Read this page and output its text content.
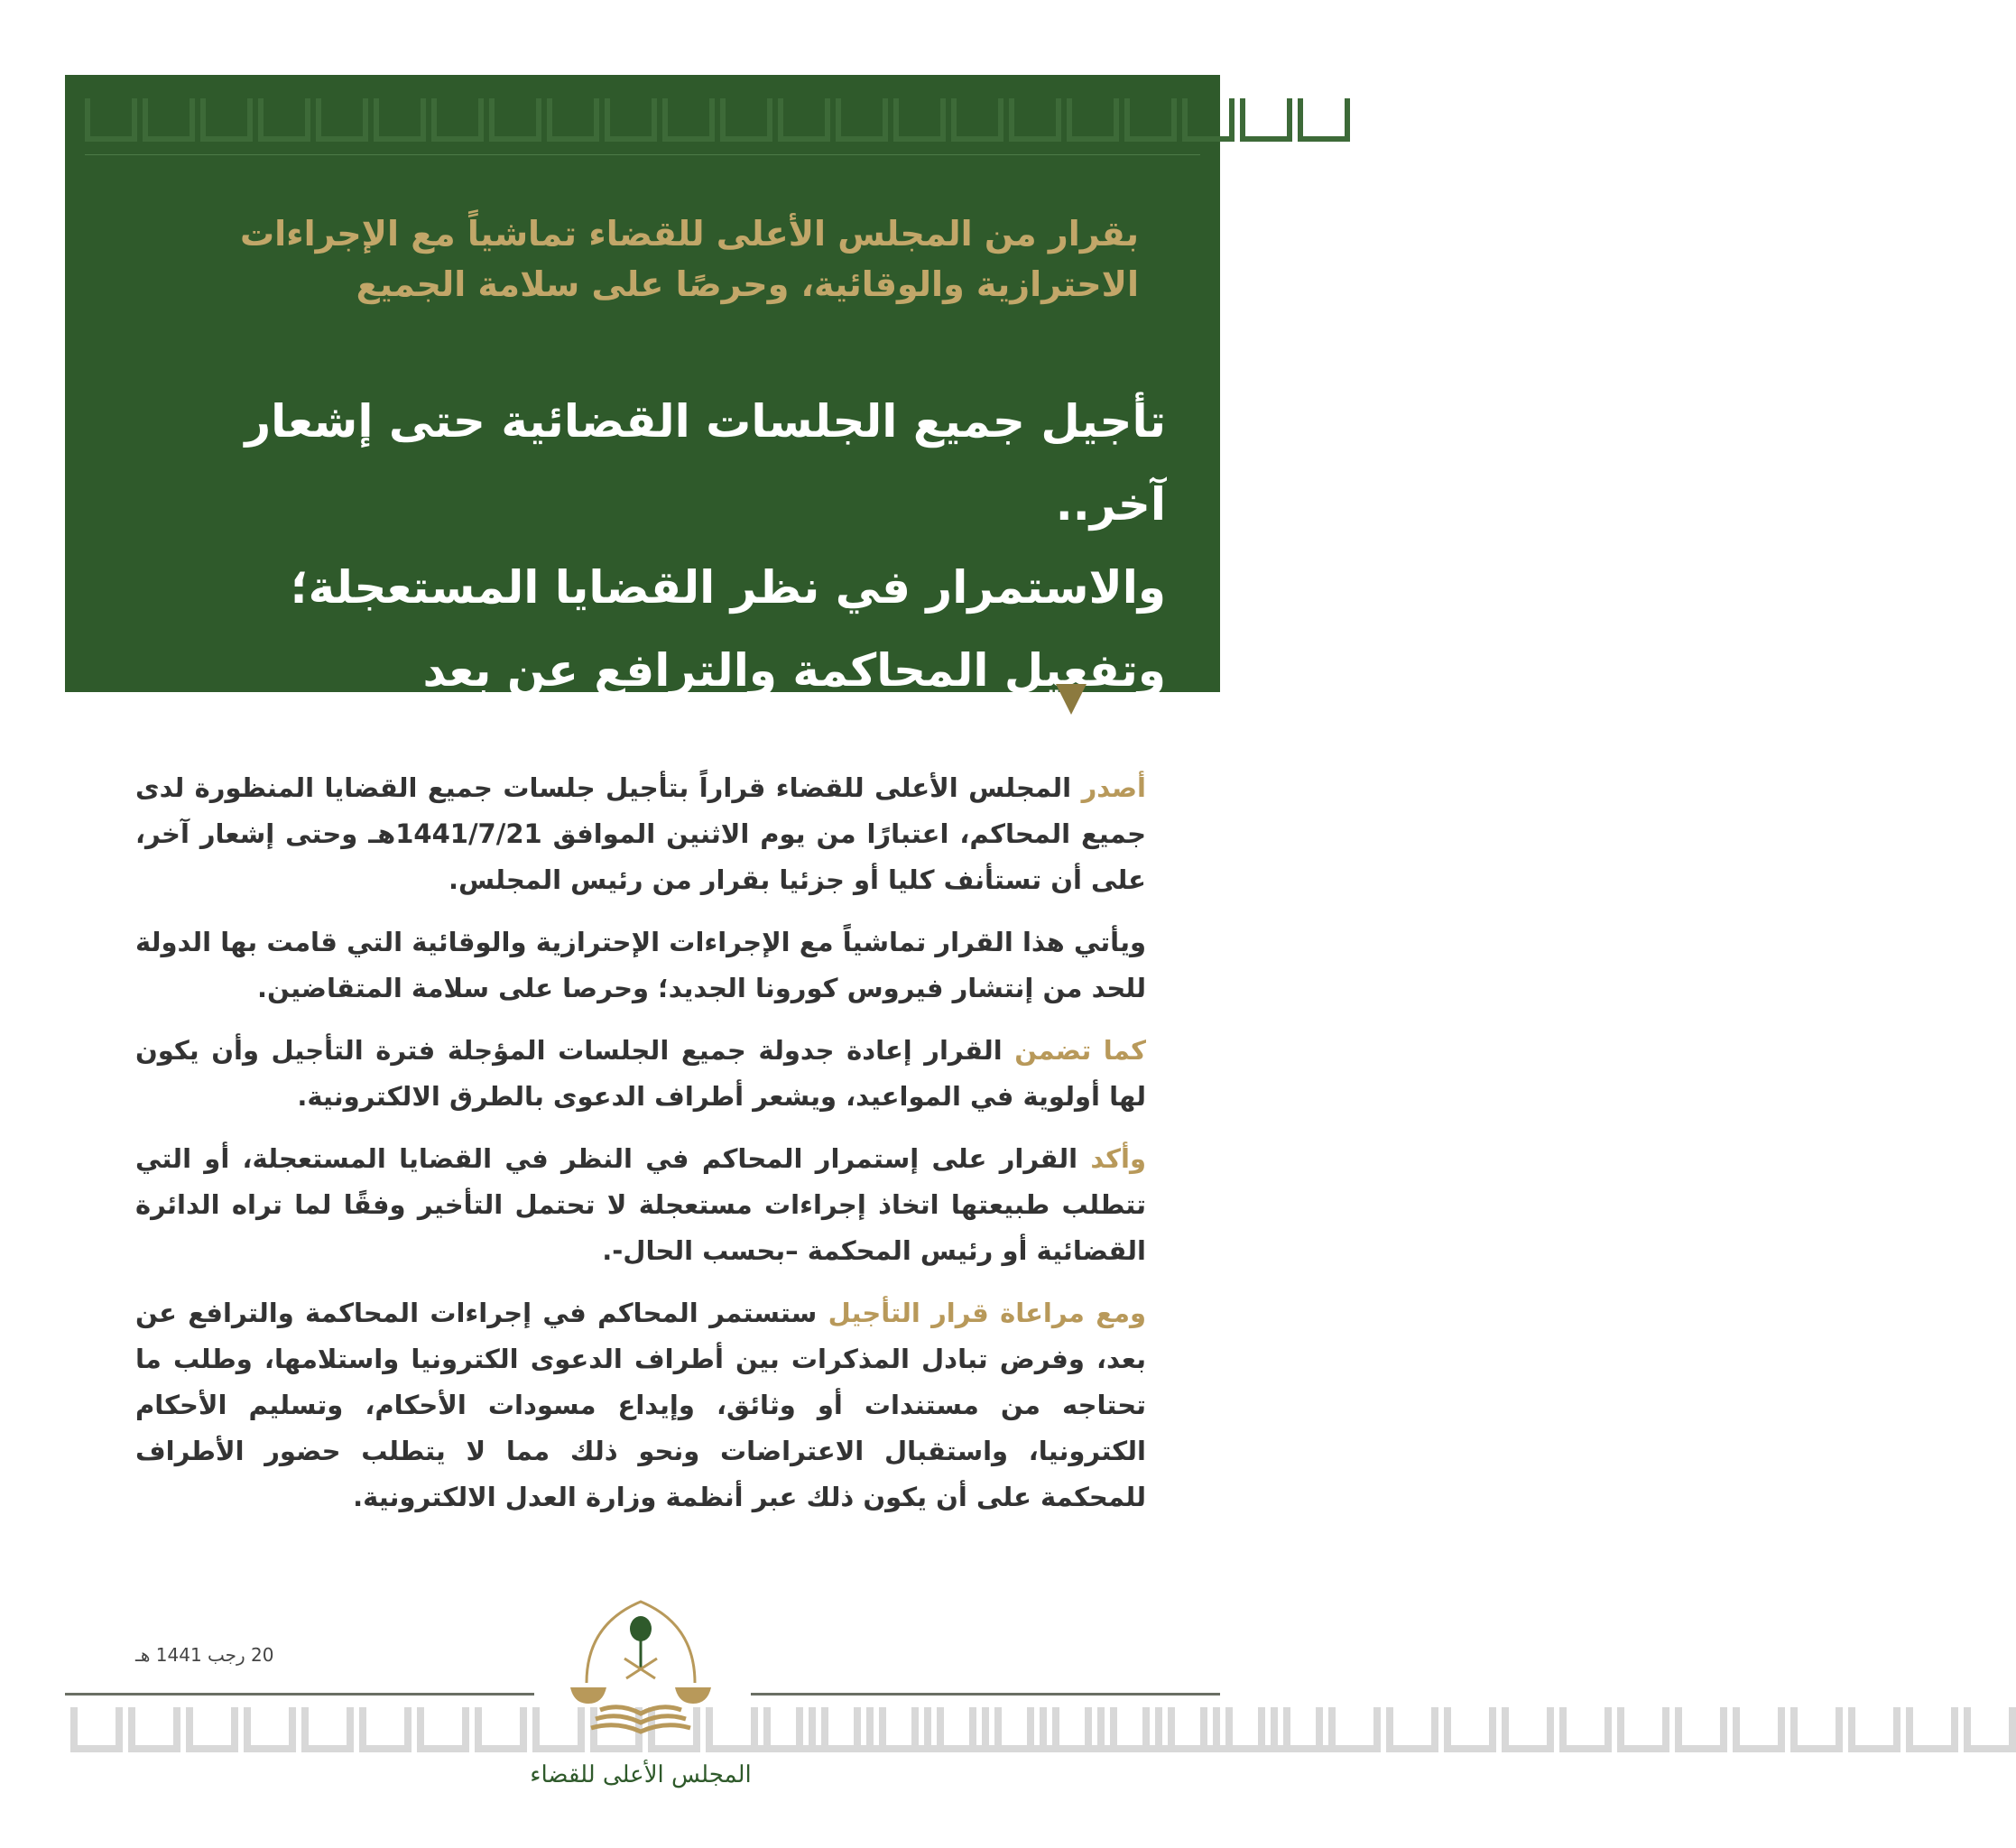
بقرار من المجلس الأعلى للقضاء تماشياً مع الإجراءات الاحترازية والوقائية، وحرصًا على سلامة الجميع
تأجيل جميع الجلسات القضائية حتى إشعار آخر..
والاستمرار في نظر القضايا المستعجلة؛
وتفعيل المحاكمة والترافع عن بعد

أصدر المجلس الأعلى للقضاء قراراً بتأجيل جلسات جميع القضايا المنظورة لدى جميع المحاكم، اعتبارًا من يوم الاثنين الموافق 1441/7/21هـ وحتى إشعار آخر، على أن تستأنف كليا أو جزئيا بقرار من رئيس المجلس.

ويأتي هذا القرار تماشياً مع الإجراءات الإحترازية والوقائية التي قامت بها الدولة للحد من إنتشار فيروس كورونا الجديد؛ وحرصا على سلامة المتقاضين.

كما تضمن القرار إعادة جدولة جميع الجلسات المؤجلة فترة التأجيل وأن يكون لها أولوية في المواعيد، ويشعر أطراف الدعوى بالطرق الالكترونية.

وأكد القرار على إستمرار المحاكم في النظر في القضايا المستعجلة، أو التي تتطلب طبيعتها اتخاذ إجراءات مستعجلة لا تحتمل التأخير وفقًا لما تراه الدائرة القضائية أو رئيس المحكمة –بحسب الحال-.

ومع مراعاة قرار التأجيل ستستمر المحاكم في إجراءات المحاكمة والترافع عن بعد، وفرض تبادل المذكرات بين أطراف الدعوى الكترونيا واستلامها، وطلب ما تحتاجه من مستندات أو وثائق، وإيداع مسودات الأحكام، وتسليم الأحكام الكترونيا، واستقبال الاعتراضات ونحو ذلك مما لا يتطلب حضور الأطراف للمحكمة على أن يكون ذلك عبر أنظمة وزارة العدل الالكترونية.

20 رجب 1441 هـ
المجلس الأعلى للقضاء
